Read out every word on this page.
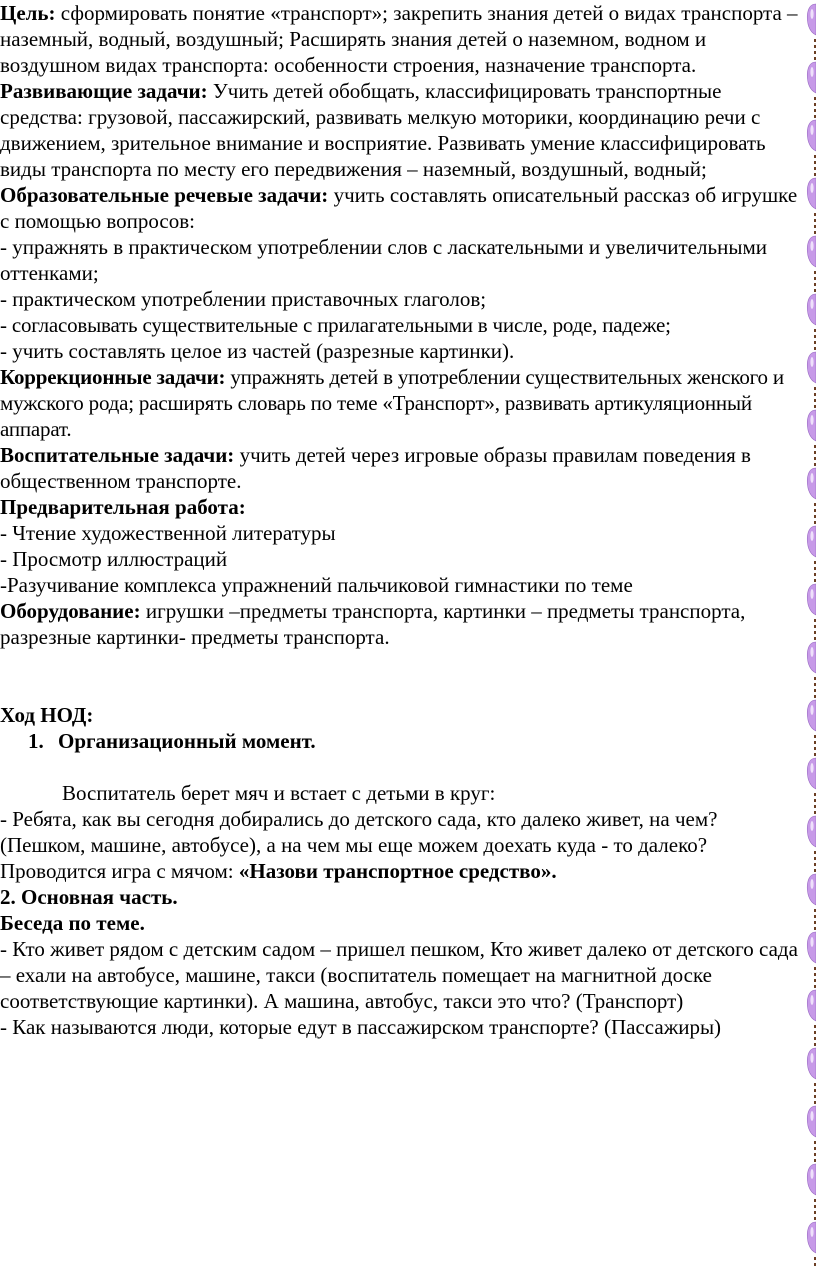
Цель: сформировать понятие «транспорт»; закрепить знания детей о видах транспорта – наземный, водный, воздушный; Расширять знания детей о наземном, водном и воздушном видах транспорта: особенности строения, назначение транспорта.

Развивающие задачи: Учить детей обобщать, классифицировать транспортные средства: грузовой, пассажирский, развивать мелкую моторики, координацию речи с движением, зрительное внимание и восприятие. Развивать умение классифицировать виды транспорта по месту его передвижения – наземный, воздушный, водный;

Образовательные речевые задачи: учить составлять описательный рассказ об игрушке с помощью вопросов:

- упражнять в практическом употреблении слов с ласкательными и увеличительными оттенками;

- практическом употреблении приставочных глаголов;

- согласовывать существительные с прилагательными в числе, роде, падеже;

- учить составлять целое из частей (разрезные картинки).

Коррекционные задачи: упражнять детей в употреблении существительных женского и мужского рода; расширять словарь по теме «Транспорт», развивать артикуляционный аппарат.

Воспитательные задачи: учить детей через игровые образы правилам поведения в общественном транспорте.

Предварительная работа:

- Чтение художественной литературы

- Просмотр иллюстраций

-Разучивание комплекса упражнений пальчиковой гимнастики по теме

Оборудование: игрушки –предметы транспорта, картинки – предметы транспорта, разрезные картинки- предметы транспорта.

Ход НОД:

1. Организационный момент.

Воспитатель берет мяч и встает с детьми в круг:

- Ребята, как вы сегодня добирались до детского сада, кто далеко живет, на чем? (Пешком, машине, автобусе), а на чем мы еще можем доехать куда - то далеко?

Проводится игра с мячом: «Назови транспортное средство».

2. Основная часть.

Беседа по теме.

- Кто живет рядом с детским садом – пришел пешком, Кто живет далеко от детского сада – ехали на автобусе, машине, такси (воспитатель помещает на магнитной доске соответствующие картинки). А машина, автобус, такси это что? (Транспорт)

- Как называются люди, которые едут в пассажирском транспорте? (Пассажиры)
